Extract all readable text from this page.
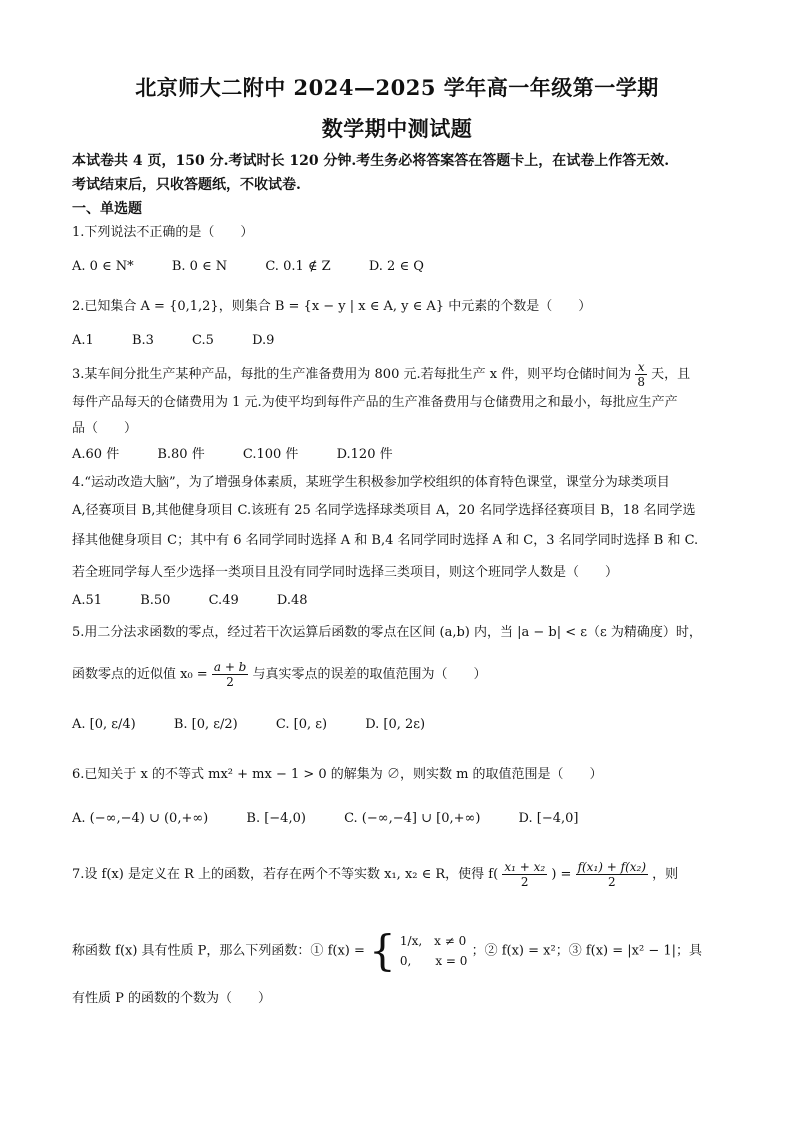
北京师大二附中 2024—2025 学年高一年级第一学期
数学期中测试题
本试卷共 4 页，150 分.考试时长 120 分钟.考生务必将答案答在答题卡上，在试卷上作答无效.
考试结束后，只收答题纸，不收试卷.
一、单选题
1.下列说法不正确的是（　　）
A. 0 ∈ N*	B. 0 ∈ N	C. 0.1 ∉ Z	D. 2 ∈ Q
2.已知集合 A = {0,1,2}，则集合 B = {x − y | x ∈ A, y ∈ A} 中元素的个数是（　　）
A.1	B.3	C.5	D.9
3.某车间分批生产某种产品，每批的生产准备费用为 800 元.若每批生产 x 件，则平均仓储时间为 $\frac{x}{8}$ 天，且
每件产品每天的仓储费用为 1 元.为使平均到每件产品的生产准备费用与仓储费用之和最小，每批应生产产
品（　　）
A.60 件	B.80 件	C.100 件	D.120 件
4.“运动改造大脑”，为了增强身体素质，某班学生积极参加学校组织的体育特色课堂，课堂分为球类项目
A,径赛项目 B,其他健身项目 C.该班有 25 名同学选择球类项目 A，20 名同学选择径赛项目 B，18 名同学选
择其他健身项目 C；其中有 6 名同学同时选择 A 和 B,4 名同学同时选择 A 和 C，3 名同学同时选择 B 和 C.
若全班同学每人至少选择一类项目且没有同学同时选择三类项目，则这个班同学人数是（　　）
A.51	B.50	C.49	D.48
5.用二分法求函数的零点，经过若干次运算后函数的零点在区间 (a,b) 内，当 |a − b| < ε（ε 为精确度）时，
函数零点的近似值 $x_0 = \frac{a + b}{2}$ 与真实零点的误差的取值范围为（　　）
A. [0, ε/4)	B. [0, ε/2)	C. [0, ε)	D. [0, 2ε)
6.已知关于 x 的不等式 mx² + mx − 1 > 0 的解集为 ∅，则实数 m 的取值范围是（　　）
A. (−∞,−4) ∪ (0,+∞)	B. [−4,0)	C. (−∞,−4] ∪ [0,+∞)	D. [−4,0]
7.设 f(x) 是定义在 R 上的函数，若存在两个不等实数 x₁, x₂ ∈ R，使得 $f( \frac{\text{x₁ + x₂}}{2}$ ) = $\frac{\text{f(x₁) + f(x₂)}}{2}$ ，则
称函数 f(x) 具有性质 P，那么下列函数：① f(x) = { 1/x,　x ≠ 0
0,　　x = 0
；② f(x) = x²；③ f(x) = |x² − 1|；具
有性质 P 的函数的个数为（　　）
